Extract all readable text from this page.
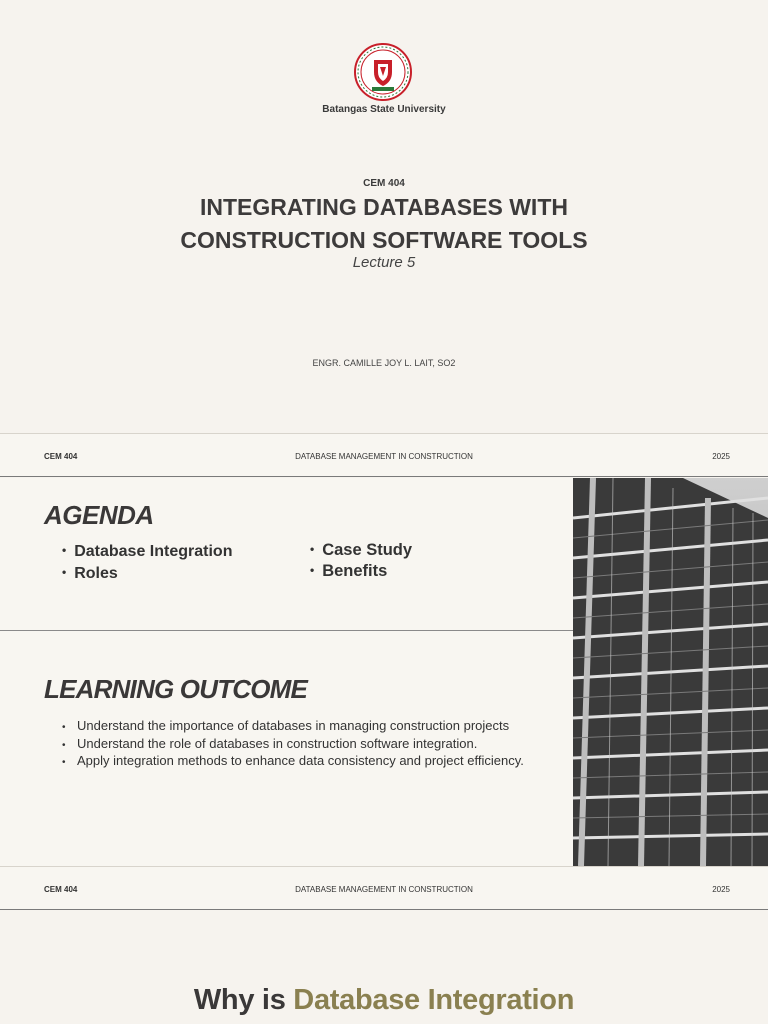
Batangas State University
CEM 404
INTEGRATING DATABASES WITH
CONSTRUCTION SOFTWARE TOOLS
Lecture 5
ENGR. CAMILLE JOY L. LAIT, SO2
DATABASE MANAGEMENT IN CONSTRUCTION
CEM 404	2025
AGENDA
• Database Integration
• Roles
• Case Study
• Benefits
LEARNING OUTCOME
• Understand the importance of databases in managing construction projects
• Understand the role of databases in construction software integration.
• Apply integration methods to enhance data consistency and project efficiency.
DATABASE MANAGEMENT IN CONSTRUCTION
CEM 404	2025
Why is Database Integration
